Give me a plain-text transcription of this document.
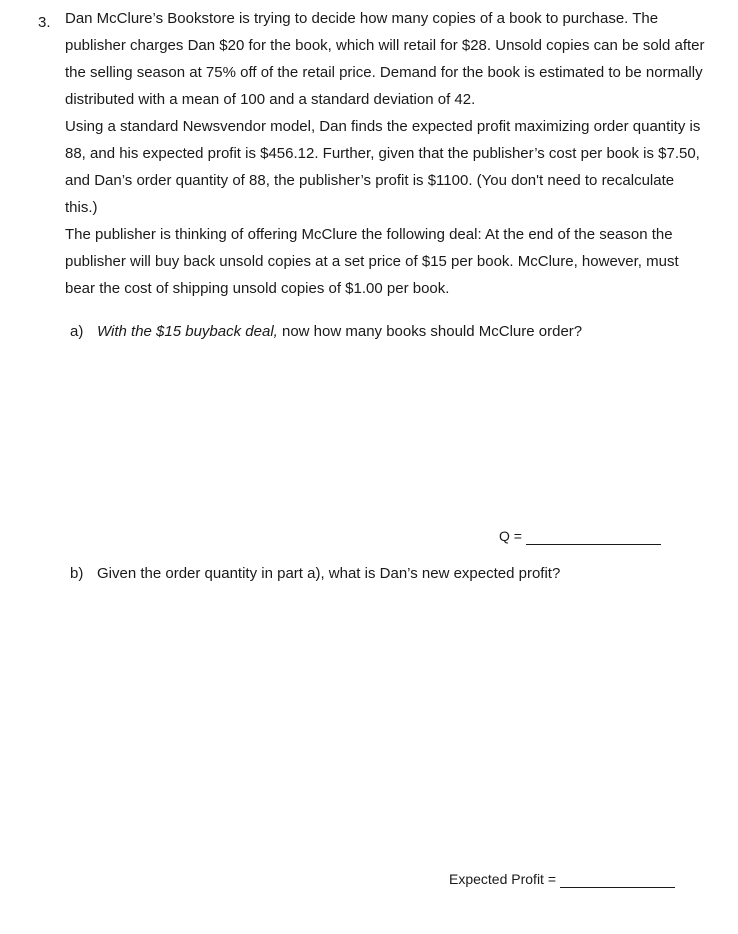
3. Dan McClure’s Bookstore is trying to decide how many copies of a book to purchase. The publisher charges Dan $20 for the book, which will retail for $28. Unsold copies can be sold after the selling season at 75% off of the retail price. Demand for the book is estimated to be normally distributed with a mean of 100 and a standard deviation of 42.

Using a standard Newsvendor model, Dan finds the expected profit maximizing order quantity is 88, and his expected profit is $456.12. Further, given that the publisher’s cost per book is $7.50, and Dan’s order quantity of 88, the publisher’s profit is $1100. (You don't need to recalculate this.)

The publisher is thinking of offering McClure the following deal: At the end of the season the publisher will buy back unsold copies at a set price of $15 per book. McClure, however, must bear the cost of shipping unsold copies of $1.00 per book.

a) With the $15 buyback deal, now how many books should McClure order?
Q =
b) Given the order quantity in part a), what is Dan’s new expected profit?
Expected Profit =
